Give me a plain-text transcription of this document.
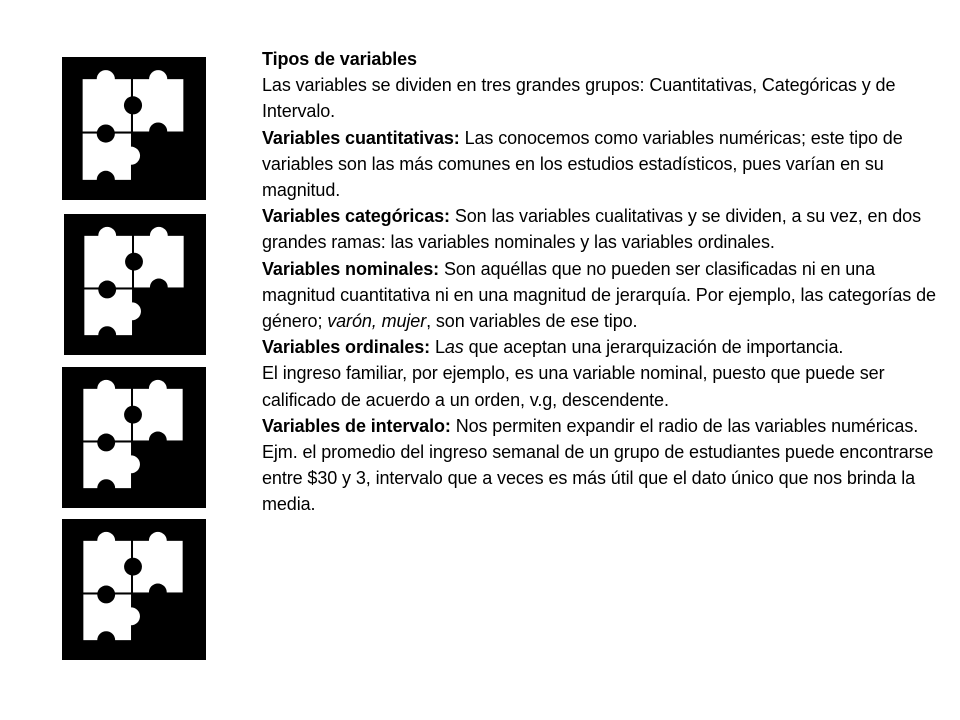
Tipos de variables

Las variables se dividen en tres grandes grupos: Cuantitativas, Categóricas y de Intervalo.

Variables cuantitativas: Las conocemos como variables numéricas; este tipo de variables son las más comunes en los estudios estadísticos, pues varían en su magnitud.

Variables categóricas: Son las variables cualitativas y se dividen, a su vez, en dos grandes ramas: las variables nominales y las variables ordinales.

Variables nominales: Son aquéllas que no pueden ser clasificadas ni en una magnitud cuantitativa ni en una magnitud de jerarquía. Por ejemplo, las categorías de género; varón, mujer, son variables de ese tipo.

Variables ordinales: Las que aceptan una jerarquización de importancia.

El ingreso familiar, por ejemplo, es una variable nominal, puesto que puede ser calificado de acuerdo a un orden, v.g, descendente.

Variables de intervalo: Nos permiten expandir el radio de las variables numéricas.

Ejm. el promedio del ingreso semanal de un grupo de estudiantes puede encontrarse entre $30 y 3, intervalo que a veces es más útil que el dato único que nos brinda la media.
